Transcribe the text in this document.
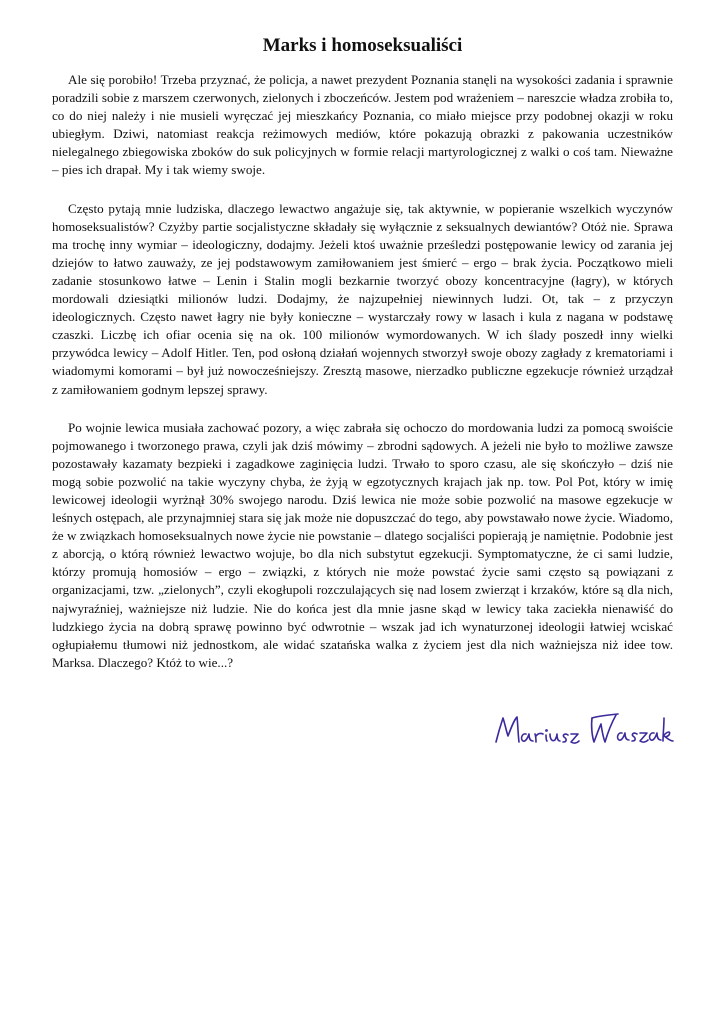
Marks i homoseksualiści

Ale się porobiło! Trzeba przyznać, że policja, a nawet prezydent Poznania stanęli na wysokości zadania i sprawnie poradzili sobie z marszem czerwonych, zielonych i zboczeńców. Jestem pod wrażeniem – nareszcie władza zrobiła to, co do niej należy i nie musieli wyręczać jej mieszkańcy Poznania, co miało miejsce przy podobnej okazji w roku ubiegłym. Dziwi, natomiast reakcja reżimowych mediów, które pokazują obrazki z pakowania uczestników nielegalnego zbiegowiska zboków do suk policyjnych w formie relacji martyrologicznej z walki o coś tam. Nieważne – pies ich drapał. My i tak wiemy swoje.

Często pytają mnie ludziska, dlaczego lewactwo angażuje się, tak aktywnie, w popieranie wszelkich wyczynów homoseksualistów? Czyżby partie socjalistyczne składały się wyłącznie z seksualnych dewiantów? Otóż nie. Sprawa ma trochę inny wymiar – ideologiczny, dodajmy. Jeżeli ktoś uważnie prześledzi postępowanie lewicy od zarania jej dziejów to łatwo zauważy, ze jej podstawowym zamiłowaniem jest śmierć – ergo – brak życia. Początkowo mieli zadanie stosunkowo łatwe – Lenin i Stalin mogli bezkarnie tworzyć obozy koncentracyjne (łagry), w których mordowali dziesiątki milionów ludzi. Dodajmy, że najzupełniej niewinnych ludzi. Ot, tak – z przyczyn ideologicznych. Często nawet łagry nie były konieczne – wystarczały rowy w lasach i kula z nagana w podstawę czaszki. Liczbę ich ofiar ocenia się na ok. 100 milionów wymordowanych. W ich ślady poszedł inny wielki przywódca lewicy – Adolf Hitler. Ten, pod osłoną działań wojennych stworzył swoje obozy zagłady z krematoriami i wiadomymi komorami – był już nowocześniejszy. Zresztą masowe, nierzadko publiczne egzekucje również urządzał z zamiłowaniem godnym lepszej sprawy.

Po wojnie lewica musiała zachować pozory, a więc zabrała się ochoczo do mordowania ludzi za pomocą swoiście pojmowanego i tworzonego prawa, czyli jak dziś mówimy – zbrodni sądowych. A jeżeli nie było to możliwe zawsze pozostawały kazamaty bezpieki i zagadkowe zaginięcia ludzi. Trwało to sporo czasu, ale się skończyło – dziś nie mogą sobie pozwolić na takie wyczyny chyba, że żyją w egzotycznych krajach jak np. tow. Pol Pot, który w imię lewicowej ideologii wyrżnął 30% swojego narodu. Dziś lewica nie może sobie pozwolić na masowe egzekucje w leśnych ostępach, ale przynajmniej stara się jak może nie dopuszczać do tego, aby powstawało nowe życie. Wiadomo, że w związkach homoseksualnych nowe życie nie powstanie – dlatego socjaliści popierają je namiętnie. Podobnie jest z aborcją, o którą również lewactwo wojuje, bo dla nich substytut egzekucji. Symptomatyczne, że ci sami ludzie, którzy promują homosiów – ergo – związki, z których nie może powstać życie sami często są powiązani z organizacjami, tzw. „zielonych”, czyli ekogłupoli rozczulających się nad losem zwierząt i krzaków, które są dla nich, najwyraźniej, ważniejsze niż ludzie. Nie do końca jest dla mnie jasne skąd w lewicy taka zaciekła nienawiść do ludzkiego życia na dobrą sprawę powinno być odwrotnie – wszak jad ich wynaturzonej ideologii łatwiej wciskać ogłupiałemu tłumowi niż jednostkom, ale widać szatańska walka z życiem jest dla nich ważniejsza niż idee tow. Marksa. Dlaczego? Któż to wie...?
